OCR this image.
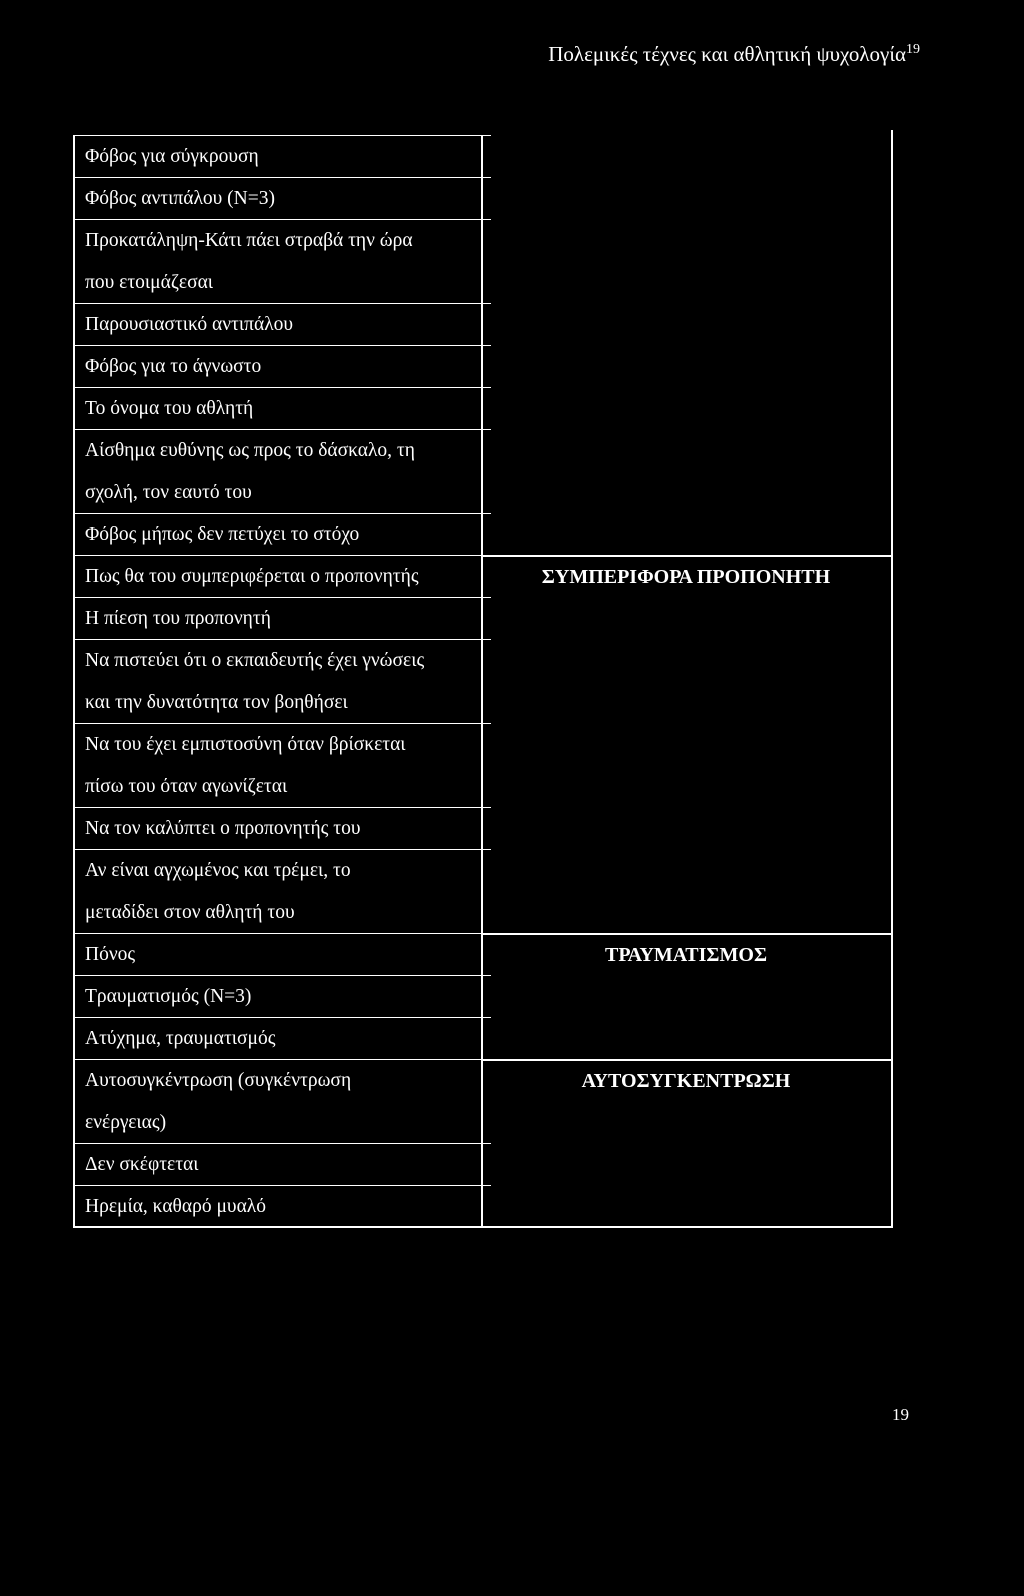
Πολεμικές τέχνες και αθλητική ψυχολογία$^{19}$
Φόβος για σύγκρουση
Φόβος αντιπάλου (Ν=3)
Προκατάληψη-Κάτι πάει στραβά την ώρα
που ετοιμάζεσαι
Παρουσιαστικό αντιπάλου
Φόβος για το άγνωστο
Το όνομα του αθλητή
Αίσθημα ευθύνης ως προς το δάσκαλο, τη
σχολή, τον εαυτό του
Φόβος μήπως δεν πετύχει το στόχο
Πως θα του συμπεριφέρεται ο προπονητής
Η πίεση του προπονητή
Να πιστεύει ότι ο εκπαιδευτής έχει γνώσεις
και την δυνατότητα τον βοηθήσει
Να του έχει εμπιστοσύνη όταν βρίσκεται
πίσω του όταν αγωνίζεται
Να τον καλύπτει ο προπονητής του
Αν είναι αγχωμένος και τρέμει, το
μεταδίδει στον αθλητή του
Πόνος
Τραυματισμός (Ν=3)
Ατύχημα, τραυματισμός
Αυτοσυγκέντρωση (συγκέντρωση
ενέργειας)
Δεν σκέφτεται
Ηρεμία, καθαρό μυαλό
ΣΥΜΠΕΡΙΦΟΡΑ ΠΡΟΠΟΝΗΤΗ
ΤΡΑΥΜΑΤΙΣΜΟΣ
ΑΥΤΟΣΥΓΚΕΝΤΡΩΣΗ
19
